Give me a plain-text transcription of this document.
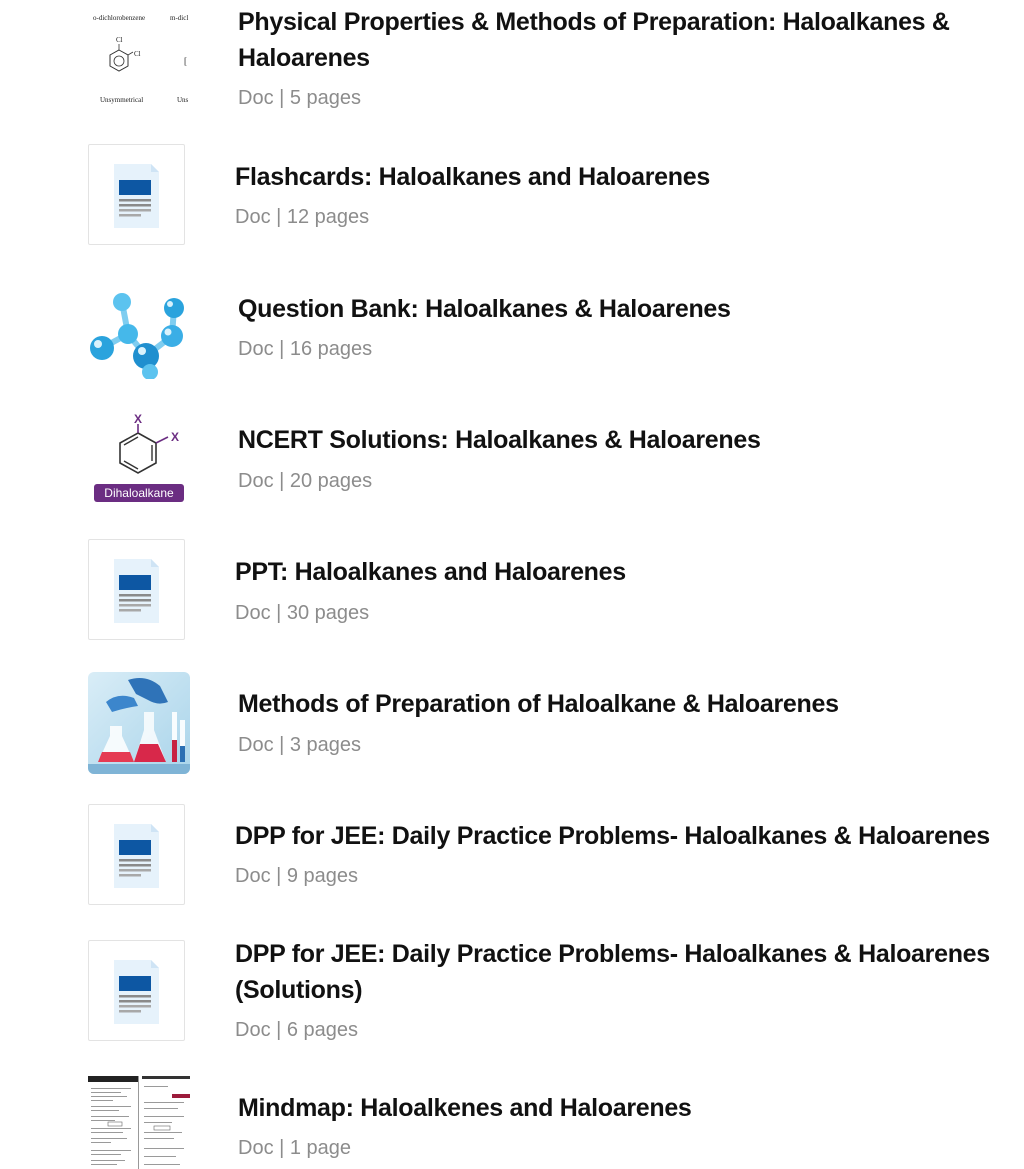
o-dichlorobenzene	m-dicl
Cl
Cl
[
Unsymmetrical	Uns
Physical Properties & Methods of Preparation: Haloalkanes & Haloarenes
Doc | 5 pages
Flashcards: Haloalkanes and Haloarenes
Doc | 12 pages
Question Bank: Haloalkanes & Haloarenes
Doc | 16 pages
X
X
Dihaloalkane
NCERT Solutions: Haloalkanes & Haloarenes
Doc | 20 pages
PPT: Haloalkanes and Haloarenes
Doc | 30 pages
Methods of Preparation of Haloalkane & Haloarenes
Doc | 3 pages
DPP for JEE: Daily Practice Problems- Haloalkanes & Haloarenes
Doc | 9 pages
DPP for JEE: Daily Practice Problems- Haloalkanes & Haloarenes (Solutions)
Doc | 6 pages
Mindmap: Haloalkenes and Haloarenes
Doc | 1 page
